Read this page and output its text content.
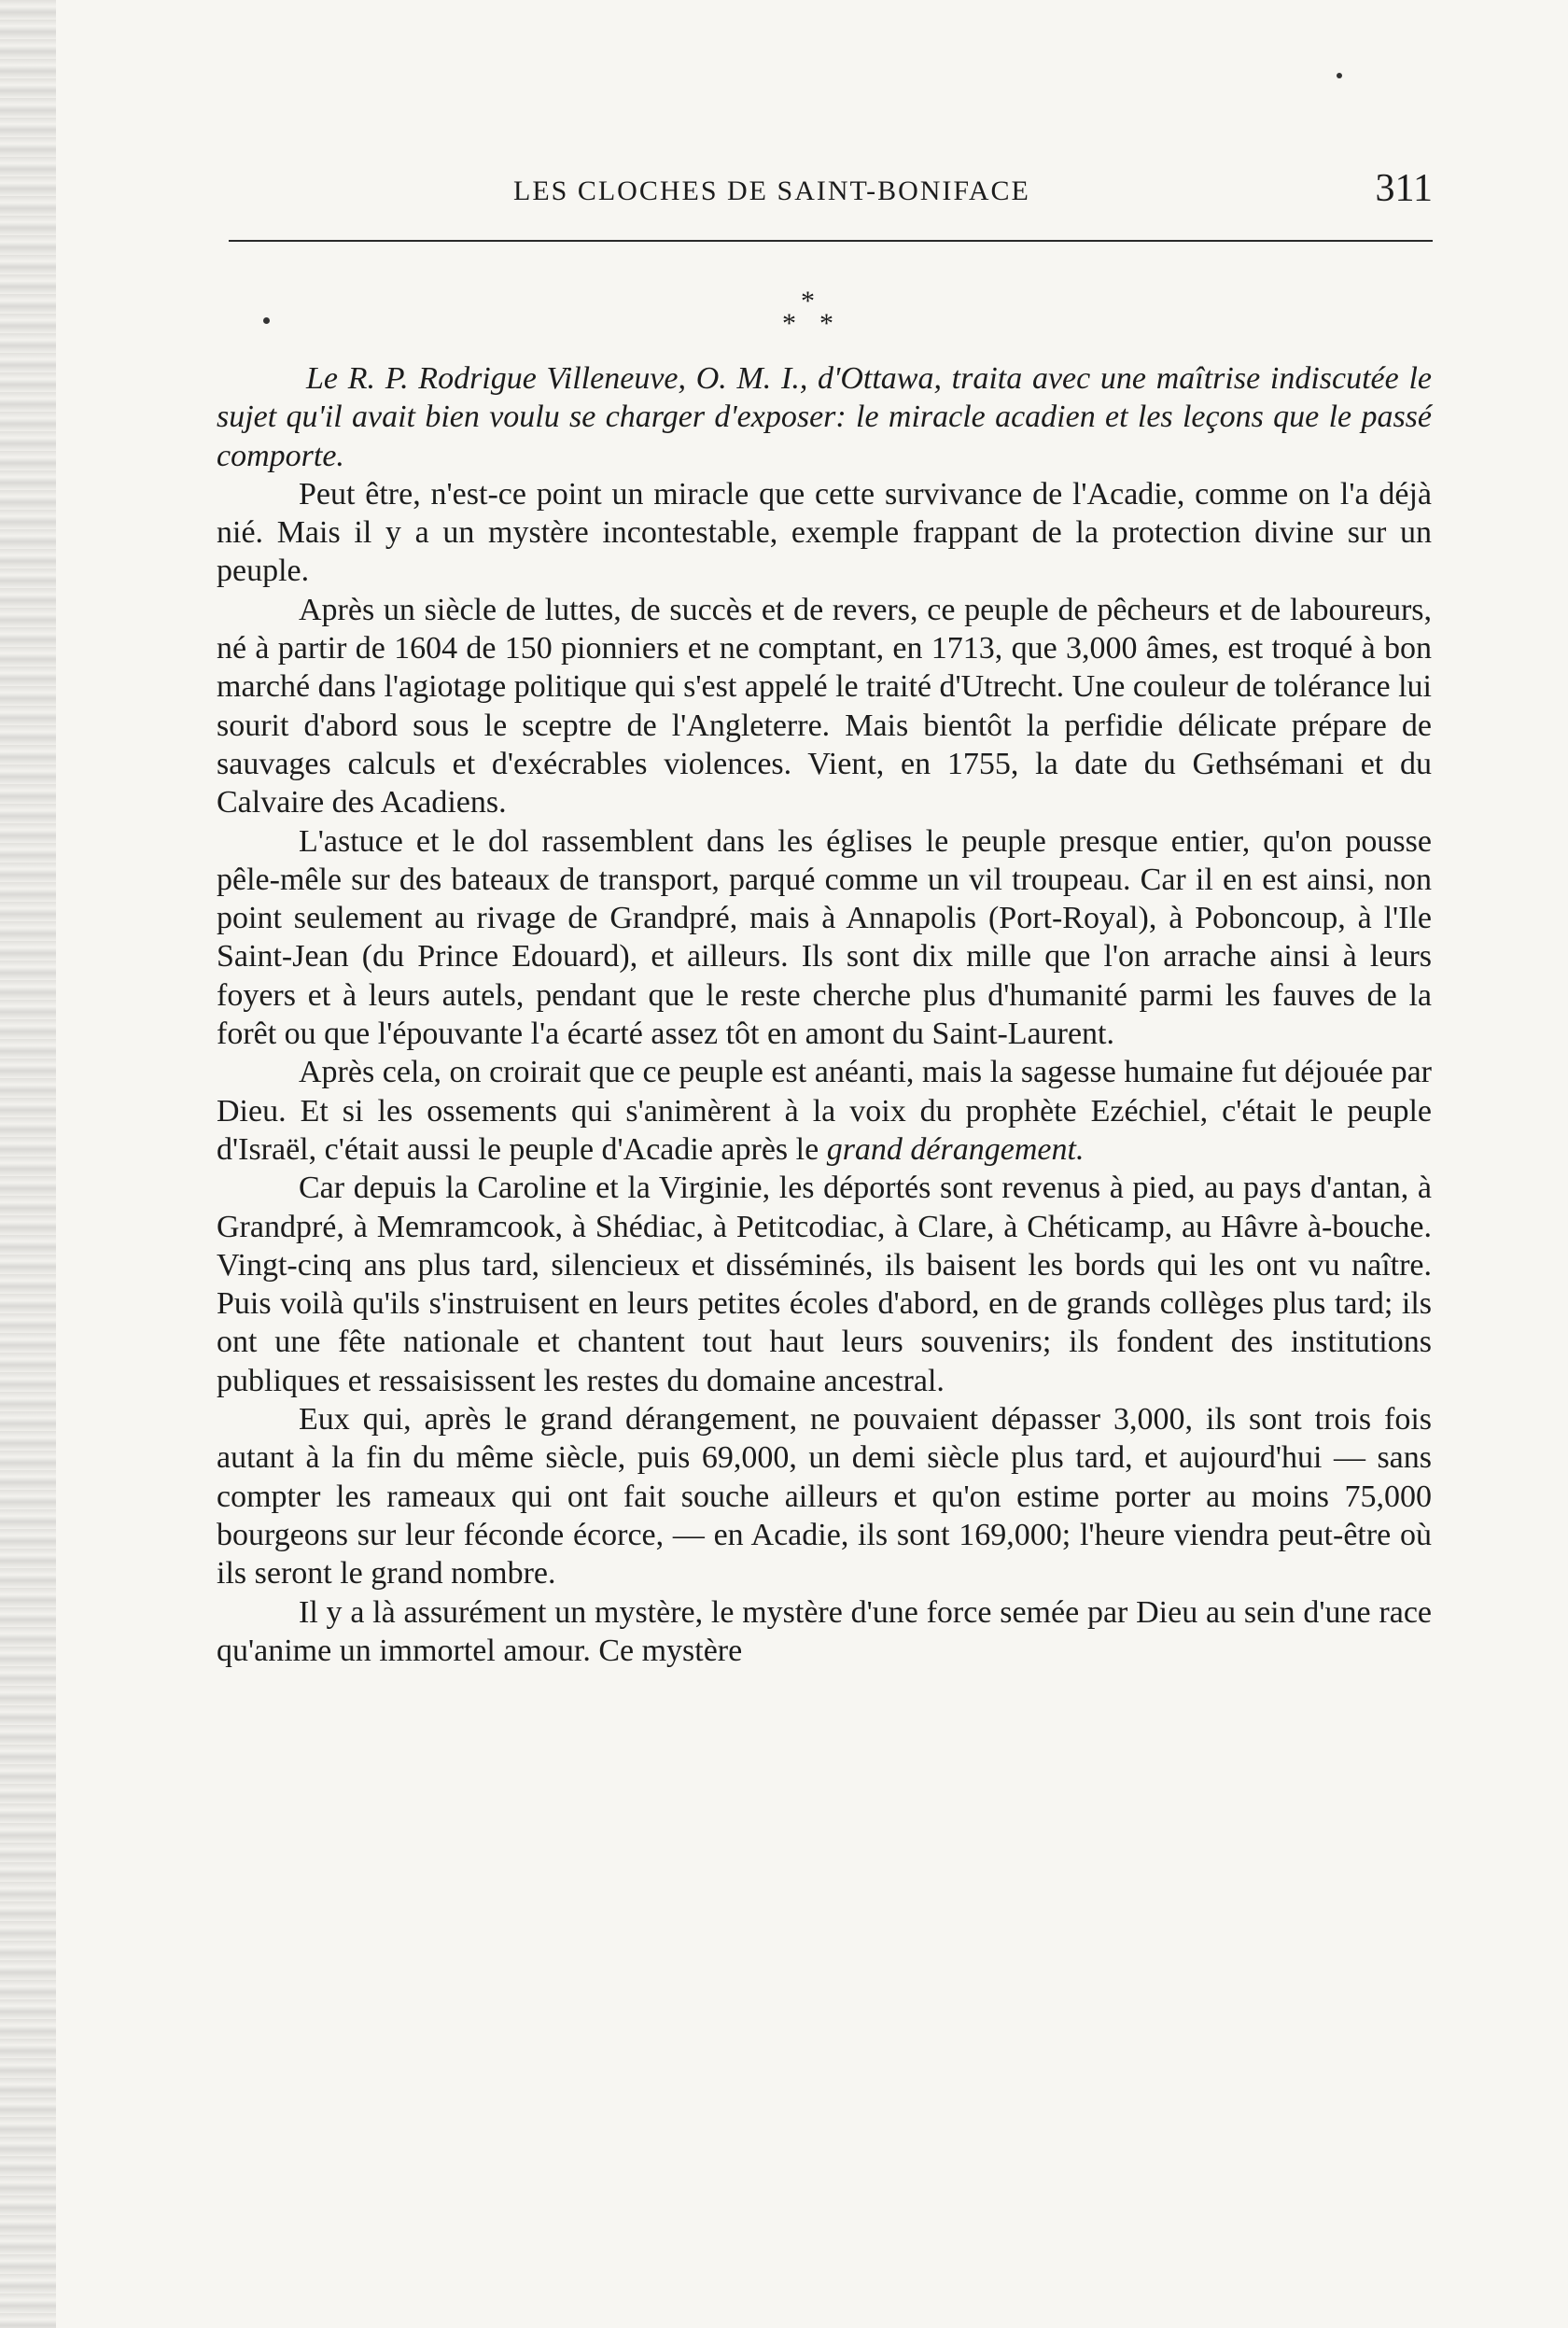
LES CLOCHES DE SAINT-BONIFACE	311
*
* *

Le R. P. Rodrigue Villeneuve, O. M. I., d'Ottawa, traita avec une maîtrise indiscutée le sujet qu'il avait bien voulu se charger d'exposer: le miracle acadien et les leçons que le passé comporte.

Peut être, n'est-ce point un miracle que cette survivance de l'Acadie, comme on l'a déjà nié. Mais il y a un mystère incontestable, exemple frappant de la protection divine sur un peuple.

Après un siècle de luttes, de succès et de revers, ce peuple de pêcheurs et de laboureurs, né à partir de 1604 de 150 pionniers et ne comptant, en 1713, que 3,000 âmes, est troqué à bon marché dans l'agiotage politique qui s'est appelé le traité d'Utrecht. Une couleur de tolérance lui sourit d'abord sous le sceptre de l'Angleterre. Mais bientôt la perfidie délicate prépare de sauvages calculs et d'exécrables violences. Vient, en 1755, la date du Gethsémani et du Calvaire des Acadiens.

L'astuce et le dol rassemblent dans les églises le peuple presque entier, qu'on pousse pêle-mêle sur des bateaux de transport, parqué comme un vil troupeau. Car il en est ainsi, non point seulement au rivage de Grandpré, mais à Annapolis (Port-Royal), à Poboncoup, à l'Ile Saint-Jean (du Prince Edouard), et ailleurs. Ils sont dix mille que l'on arrache ainsi à leurs foyers et à leurs autels, pendant que le reste cherche plus d'humanité parmi les fauves de la forêt ou que l'épouvante l'a écarté assez tôt en amont du Saint-Laurent.

Après cela, on croirait que ce peuple est anéanti, mais la sagesse humaine fut déjouée par Dieu. Et si les ossements qui s'animèrent à la voix du prophète Ezéchiel, c'était le peuple d'Israël, c'était aussi le peuple d'Acadie après le grand dérangement.

Car depuis la Caroline et la Virginie, les déportés sont revenus à pied, au pays d'antan, à Grandpré, à Memramcook, à Shédiac, à Petitcodiac, à Clare, à Chéticamp, au Hâvre à-bouche. Vingt-cinq ans plus tard, silencieux et disséminés, ils baisent les bords qui les ont vu naître. Puis voilà qu'ils s'instruisent en leurs petites écoles d'abord, en de grands collèges plus tard; ils ont une fête nationale et chantent tout haut leurs souvenirs; ils fondent des institutions publiques et ressaisissent les restes du domaine ancestral.

Eux qui, après le grand dérangement, ne pouvaient dépasser 3,000, ils sont trois fois autant à la fin du même siècle, puis 69,000, un demi siècle plus tard, et aujourd'hui — sans compter les rameaux qui ont fait souche ailleurs et qu'on estime porter au moins 75,000 bourgeons sur leur féconde écorce, — en Acadie, ils sont 169,000; l'heure viendra peut-être où ils seront le grand nombre.

Il y a là assurément un mystère, le mystère d'une force semée par Dieu au sein d'une race qu'anime un immortel amour. Ce mystère
